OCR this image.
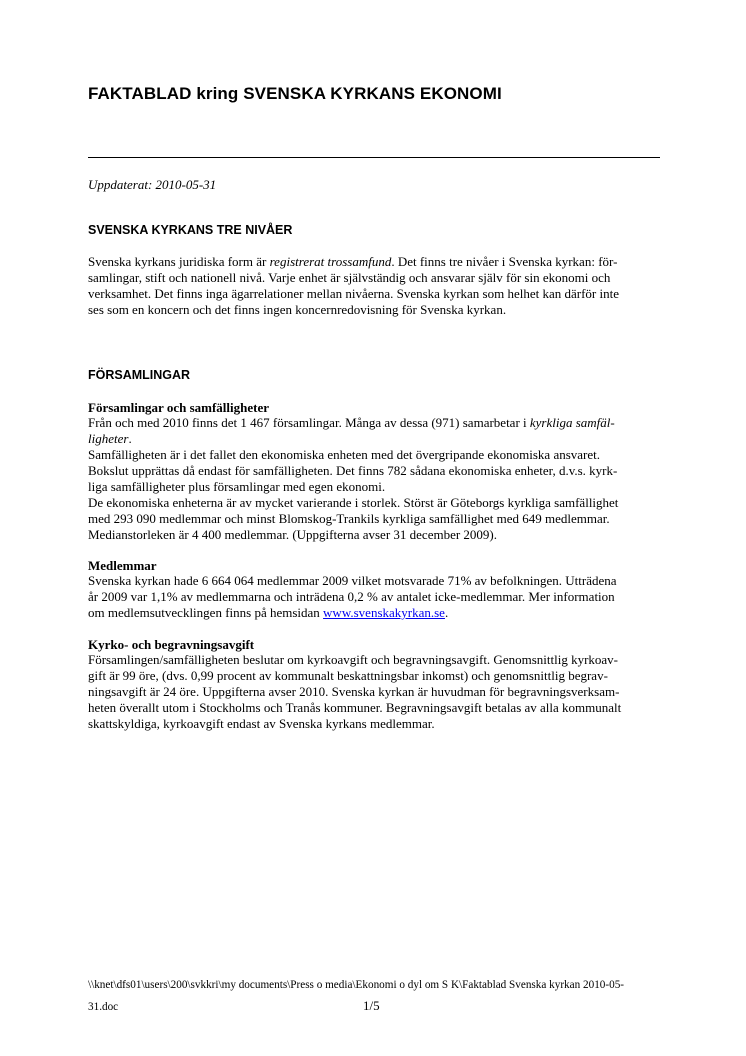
FAKTABLAD kring SVENSKA KYRKANS EKONOMI
Uppdaterat: 2010-05-31
SVENSKA KYRKANS TRE NIVÅER
Svenska kyrkans juridiska form är registrerat trossamfund. Det finns tre nivåer i Svenska kyrkan: för-
samlingar, stift och nationell nivå. Varje enhet är självständig och ansvarar själv för sin ekonomi och
verksamhet. Det finns inga ägarrelationer mellan nivåerna. Svenska kyrkan som helhet kan därför inte
ses som en koncern och det finns ingen koncernredovisning för Svenska kyrkan.
FÖRSAMLINGAR
Församlingar och samfälligheter
Från och med 2010 finns det 1 467 församlingar. Många av dessa (971) samarbetar i kyrkliga samfäl-
ligheter.
Samfälligheten är i det fallet den ekonomiska enheten med det övergripande ekonomiska ansvaret.
Bokslut upprättas då endast för samfälligheten. Det finns 782 sådana ekonomiska enheter, d.v.s. kyrk-
liga samfälligheter plus församlingar med egen ekonomi.
De ekonomiska enheterna är av mycket varierande i storlek. Störst är Göteborgs kyrkliga samfällighet
med 293 090 medlemmar och minst Blomskog-Trankils kyrkliga samfällighet med 649 medlemmar.
Medianstorleken är 4 400 medlemmar. (Uppgifterna avser 31 december 2009).
Medlemmar
Svenska kyrkan hade 6 664 064 medlemmar 2009 vilket motsvarade 71% av befolkningen. Utträdena
år 2009 var 1,1% av medlemmarna och inträdena 0,2 % av antalet icke-medlemmar. Mer information
om medlemsutvecklingen finns på hemsidan www.svenskakyrkan.se.
Kyrko- och begravningsavgift
Församlingen/samfälligheten beslutar om kyrkoavgift och begravningsavgift. Genomsnittlig kyrkoav-
gift är 99 öre, (dvs. 0,99 procent av kommunalt beskattningsbar inkomst) och genomsnittlig begrav-
ningsavgift är 24 öre. Uppgifterna avser 2010. Svenska kyrkan är huvudman för begravningsverksam-
heten överallt utom i Stockholms och Tranås kommuner. Begravningsavgift betalas av alla kommunalt
skattskyldiga, kyrkoavgift endast av Svenska kyrkans medlemmar.
\\knet\dfs01\users\200\svkkri\my documents\Press o media\Ekonomi o dyl om S K\Faktablad Svenska kyrkan 2010-05-
31.doc	1/5
